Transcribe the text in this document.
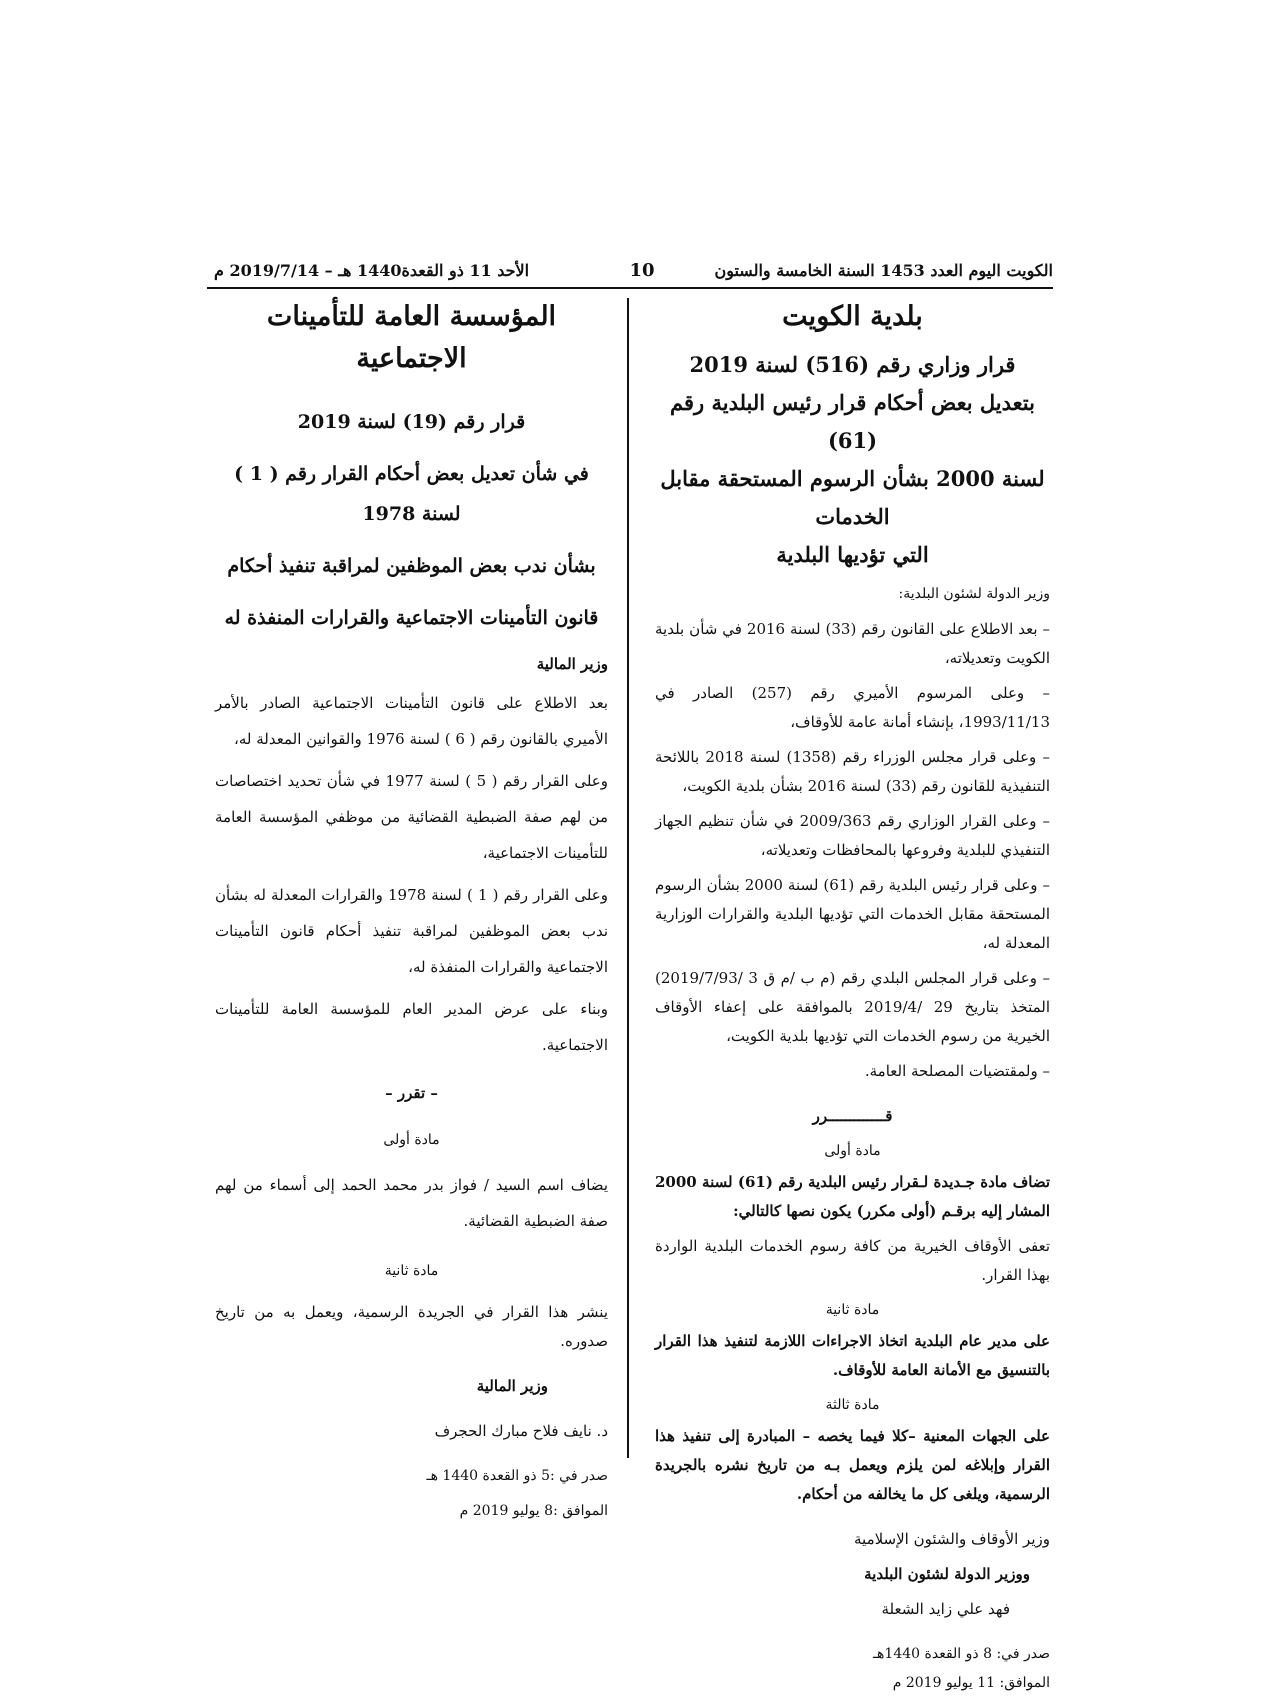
الكويت اليوم العدد 1453 السنة الخامسة والستون
10
الأحد 11 ذو القعدة1440 هـ – 2019/7/14 م
بلدية الكويت

قرار وزاري رقم (516) لسنة 2019

بتعديل بعض أحكام قرار رئيس البلدية رقم (61)

لسنة 2000 بشأن الرسوم المستحقة مقابل الخدمات

التي تؤديها البلدية

وزير الدولة لشئون البلدية:

– بعد الاطلاع على القانون رقم (33) لسنة 2016 في شأن بلدية الكويت وتعديلاته،

– وعلى المرسوم الأميري رقم (257) الصادر في 1993/11/13، بإنشاء أمانة عامة للأوقاف،

– وعلى قرار مجلس الوزراء رقم (1358) لسنة 2018 باللائحة التنفيذية للقانون رقم (33) لسنة 2016 بشأن بلدية الكويت،

– وعلى القرار الوزاري رقم 2009/363 في شأن تنظيم الجهاز التنفيذي للبلدية وفروعها بالمحافظات وتعديلاته،

– وعلى قرار رئيس البلدية رقم (61) لسنة 2000 بشأن الرسوم المستحقة مقابل الخدمات التي تؤديها البلدية والقرارات الوزارية المعدلة له،

– وعلى قرار المجلس البلدي رقم (م ب /م ق 3 /2019/7/93) المتخذ بتاريخ 29 /2019/4 بالموافقة على إعفاء الأوقاف الخيرية من رسوم الخدمات التي تؤديها بلدية الكويت،

– ولمقتضيات المصلحة العامة.

قـــــــــــــرر

مادة أولى

تضاف مادة جـديدة لـقرار رئيس البلدية رقم (61) لسنة 2000 المشار إليه برقـم (أولى مكرر) يكون نصها كالتالي:

تعفى الأوقاف الخيرية من كافة رسوم الخدمات البلدية الواردة بهذا القرار.

مادة ثانية

على مدير عام البلدية اتخاذ الاجراءات اللازمة لتنفيذ هذا القرار بالتنسيق مع الأمانة العامة للأوقاف.

مادة ثالثة

على الجهات المعنية –كلا فيما يخصه – المبادرة إلى تنفيذ هذا القرار وإبلاغه لمن يلزم ويعمل بـه من تاريخ نشره بالجريدة الرسمية، ويلغى كل ما يخالفه من أحكام.

وزير الأوقاف والشئون الإسلامية

ووزير الدولة لشئون البلدية

فهد علي زايد الشعلة

صدر في: 8 ذو القعدة 1440هـ

الموافق: 11 يوليو 2019 م

المؤسسة العامة للتأمينات الاجتماعية

قرار رقم (19) لسنة 2019

في شأن تعديل بعض أحكام القرار رقم ( 1 ) لسنة 1978

بشأن ندب بعض الموظفين لمراقبة تنفيذ أحكام

قانون التأمينات الاجتماعية والقرارات المنفذة له

وزير المالية

بعد الاطلاع على قانون التأمينات الاجتماعية الصادر بالأمر الأميري بالقانون رقم ( 6 ) لسنة 1976 والقوانين المعدلة له،

وعلى القرار رقم ( 5 ) لسنة 1977 في شأن تحديد اختصاصات من لهم صفة الضبطية القضائية من موظفي المؤسسة العامة للتأمينات الاجتماعية،

وعلى القرار رقم ( 1 ) لسنة 1978 والقرارات المعدلة له بشأن ندب بعض الموظفين لمراقبة تنفيذ أحكام قانون التأمينات الاجتماعية والقرارات المنفذة له،

وبناء على عرض المدير العام للمؤسسة العامة للتأمينات الاجتماعية.

– تقرر –

مادة أولى

يضاف اسم السيد / فواز بدر محمد الحمد إلى أسماء من لهم صفة الضبطية القضائية.

مادة ثانية

ينشر هذا القرار في الجريدة الرسمية، ويعمل به من تاريخ صدوره.

وزير المالية

د. نايف فلاح مبارك الحجرف

صدر في :5 ذو القعدة 1440 هـ

الموافق :8 يوليو 2019 م
